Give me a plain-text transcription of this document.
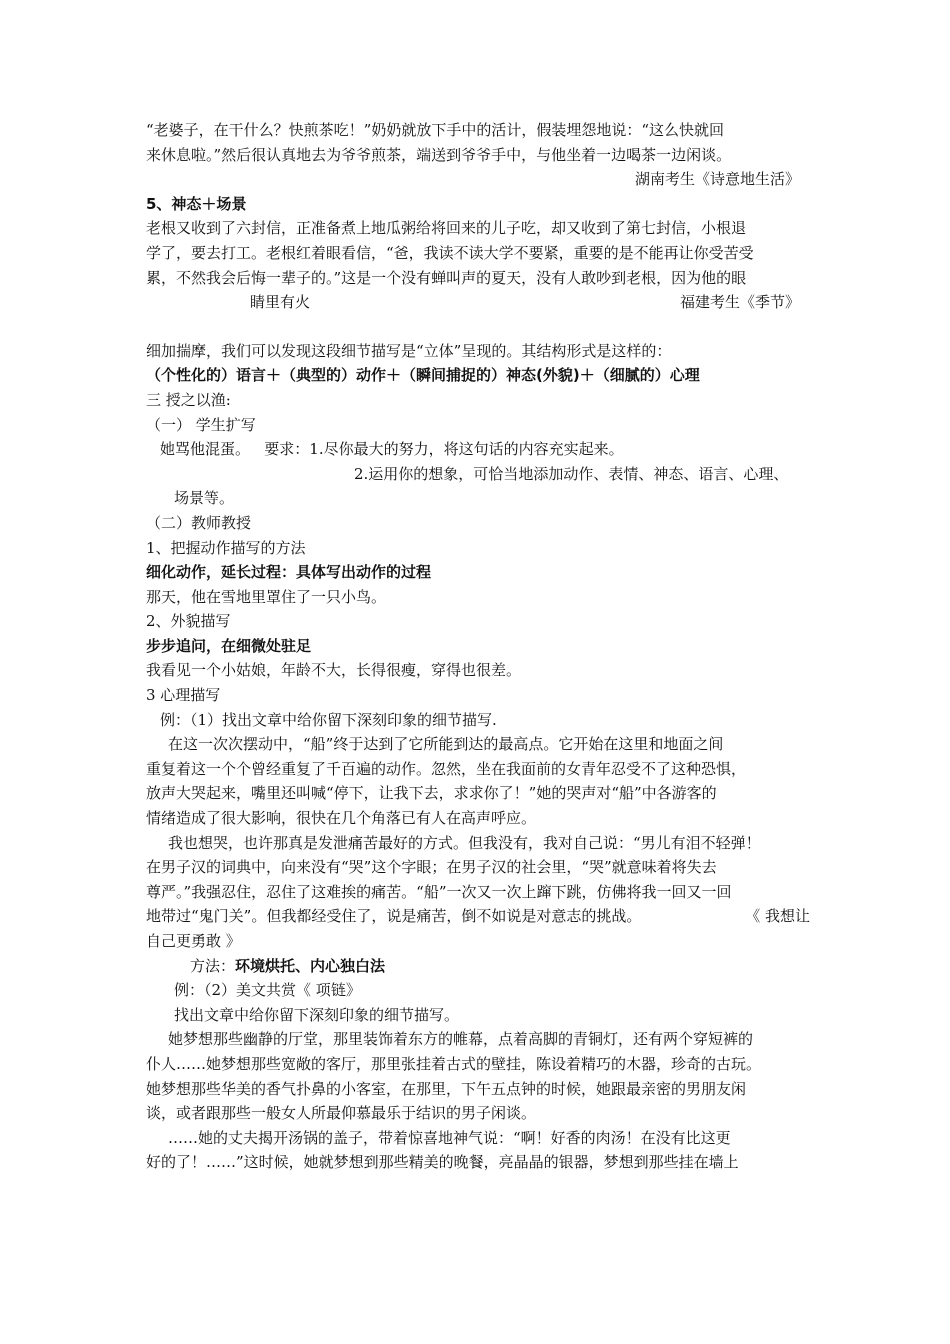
“老婆子，在干什么？快煎茶吃！”奶奶就放下手中的活计，假装埋怨地说：“这么快就回

来休息啦。”然后很认真地去为爷爷煎茶，端送到爷爷手中，与他坐着一边喝茶一边闲谈。

湖南考生《诗意地生活》

5、神态＋场景

老根又收到了六封信，正准备煮上地瓜粥给将回来的儿子吃，却又收到了第七封信，小根退

学了，要去打工。老根红着眼看信，“爸，我读不读大学不要紧，重要的是不能再让你受苦受

累，不然我会后悔一辈子的。”这是一个没有蝉叫声的夏天，没有人敢吵到老根，因为他的眼

睛里有火	福建考生《季节》

细加揣摩，我们可以发现这段细节描写是“立体”呈现的。其结构形式是这样的：

（个性化的）语言＋（典型的）动作＋（瞬间捕捉的）神态(外貌)＋（细腻的）心理

三 授之以渔:

（一） 学生扩写

她骂他混蛋。   要求：1.尽你最大的努力，将这句话的内容充实起来。

2.运用你的想象，可恰当地添加动作、表情、神态、语言、心理、

场景等。

（二）教师教授

1、把握动作描写的方法

细化动作，延长过程：具体写出动作的过程

那天，他在雪地里罩住了一只小鸟。

2、外貌描写

步步追问，在细微处驻足

我看见一个小姑娘，年龄不大，长得很瘦，穿得也很差。

3 心理描写

例：（1）找出文章中给你留下深刻印象的细节描写.

在这一次次摆动中，“船”终于达到了它所能到达的最高点。它开始在这里和地面之间

重复着这一个个曾经重复了千百遍的动作。忽然，坐在我面前的女青年忍受不了这种恐惧，

放声大哭起来，嘴里还叫喊“停下，让我下去，求求你了！”她的哭声对“船”中各游客的

情绪造成了很大影响，很快在几个角落已有人在高声呼应。

我也想哭，也许那真是发泄痛苦最好的方式。但我没有，我对自己说：“男儿有泪不轻弹！

在男子汉的词典中，向来没有“哭”这个字眼；在男子汉的社会里，“哭”就意味着将失去

尊严。”我强忍住，忍住了这难挨的痛苦。“船”一次又一次上蹿下跳，仿佛将我一回又一回

地带过“鬼门关”。但我都经受住了，说是痛苦，倒不如说是对意志的挑战。	《 我想让

自己更勇敢 》

方法：环境烘托、内心独白法

例：（2）美文共赏《 项链》

找出文章中给你留下深刻印象的细节描写。

她梦想那些幽静的厅堂，那里装饰着东方的帷幕，点着高脚的青铜灯，还有两个穿短裤的

仆人……她梦想那些宽敞的客厅，那里张挂着古式的壁挂，陈设着精巧的木器，珍奇的古玩。

她梦想那些华美的香气扑鼻的小客室，在那里，下午五点钟的时候，她跟最亲密的男朋友闲

谈，或者跟那些一般女人所最仰慕最乐于结识的男子闲谈。

……她的丈夫揭开汤锅的盖子，带着惊喜地神气说：“啊！好香的肉汤！在没有比这更

好的了！……”这时候，她就梦想到那些精美的晚餐，亮晶晶的银器，梦想到那些挂在墙上
